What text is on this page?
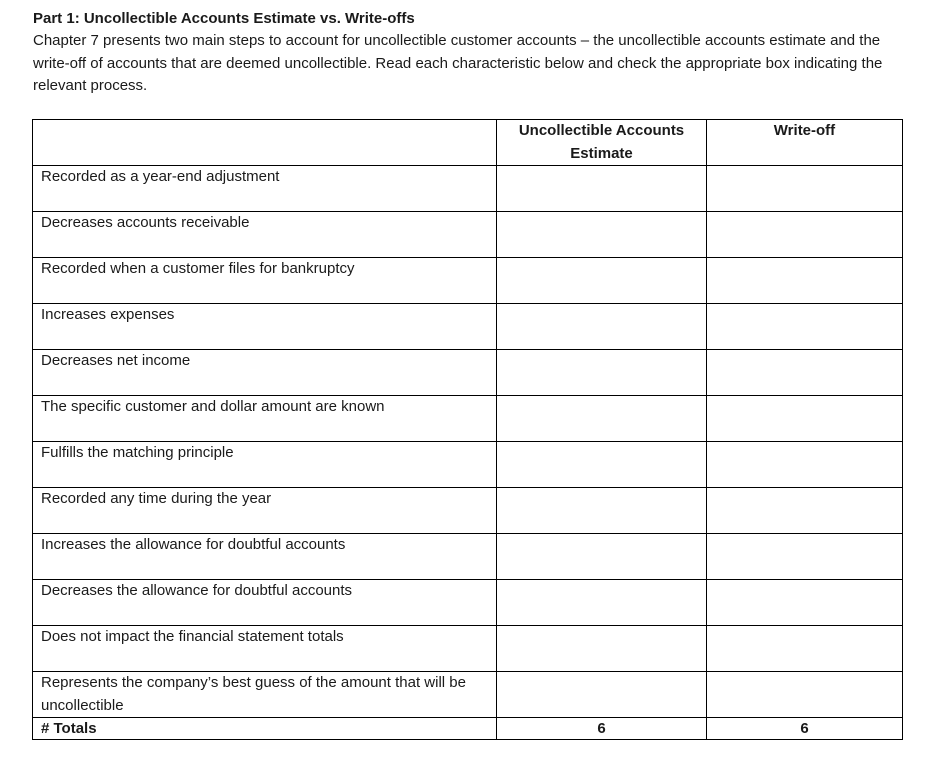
Part 1: Uncollectible Accounts Estimate vs. Write-offs
Chapter 7 presents two main steps to account for uncollectible customer accounts – the uncollectible accounts estimate and the write-off of accounts that are deemed uncollectible. Read each characteristic below and check the appropriate box indicating the relevant process.
	Uncollectible Accounts Estimate	Write-off
Recorded as a year-end adjustment		
Decreases accounts receivable		
Recorded when a customer files for bankruptcy		
Increases expenses		
Decreases net income		
The specific customer and dollar amount are known		
Fulfills the matching principle		
Recorded any time during the year		
Increases the allowance for doubtful accounts		
Decreases the allowance for doubtful accounts		
Does not impact the financial statement totals		
Represents the company’s best guess of the amount that will be uncollectible		
# Totals	6	6
